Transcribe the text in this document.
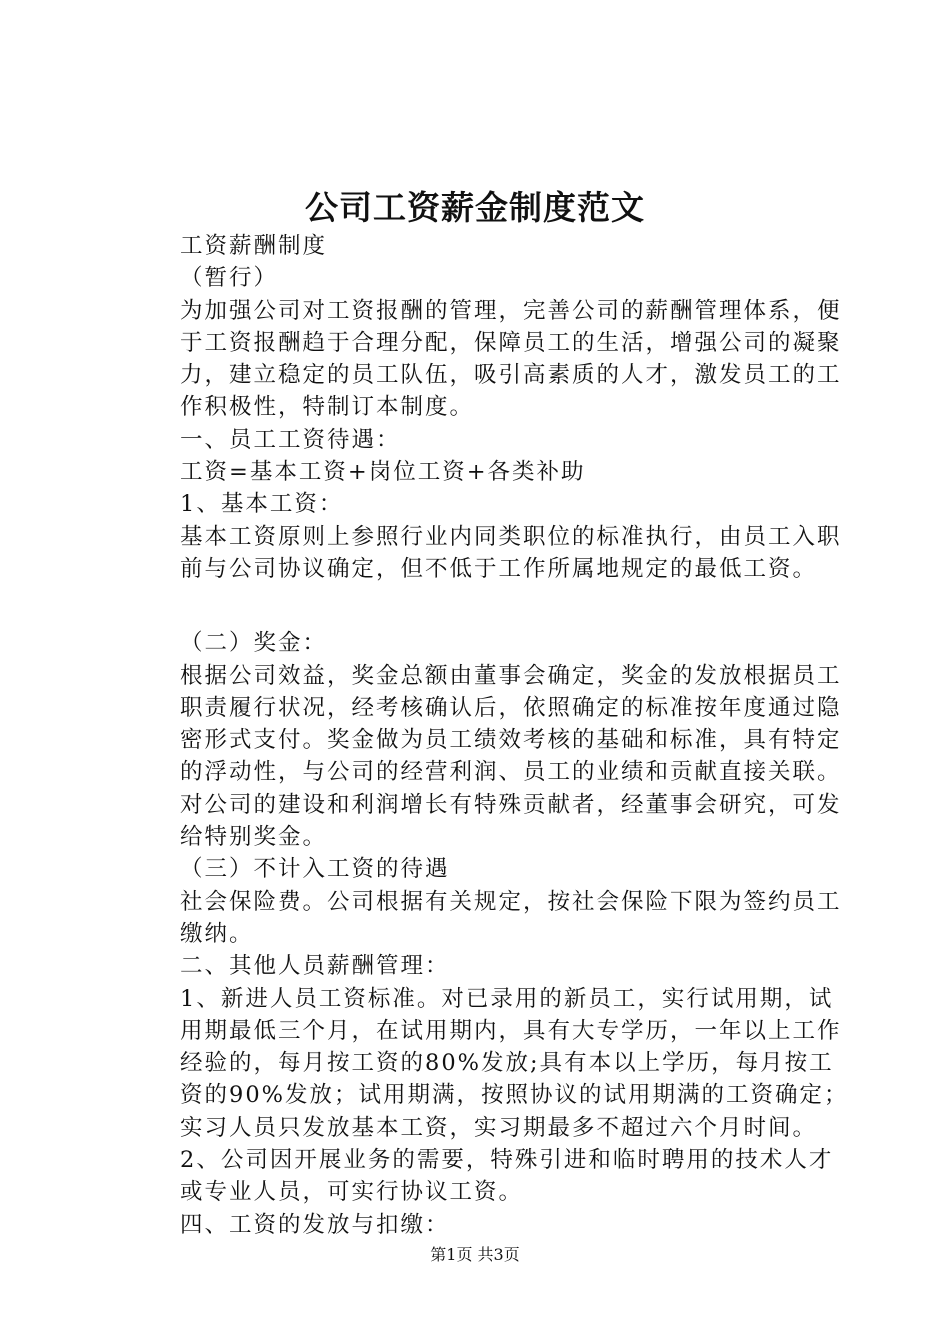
公司工资薪金制度范文

工资薪酬制度

（暂行）

为加强公司对工资报酬的管理，完善公司的薪酬管理体系，便于工资报酬趋于合理分配，保障员工的生活，增强公司的凝聚力，建立稳定的员工队伍，吸引高素质的人才，激发员工的工作积极性，特制订本制度。

一、员工工资待遇：

工资=基本工资+岗位工资+各类补助

1、基本工资：

基本工资原则上参照行业内同类职位的标准执行，由员工入职前与公司协议确定，但不低于工作所属地规定的最低工资。

（二）奖金：

根据公司效益，奖金总额由董事会确定，奖金的发放根据员工职责履行状况，经考核确认后，依照确定的标准按年度通过隐密形式支付。奖金做为员工绩效考核的基础和标准，具有特定的浮动性，与公司的经营利润、员工的业绩和贡献直接关联。对公司的建设和利润增长有特殊贡献者，经董事会研究，可发给特别奖金。

（三）不计入工资的待遇

社会保险费。公司根据有关规定，按社会保险下限为签约员工缴纳。

二、其他人员薪酬管理：

1、新进人员工资标准。对已录用的新员工，实行试用期，试用期最低三个月，在试用期内，具有大专学历，一年以上工作经验的，每月按工资的80%发放;具有本以上学历，每月按工资的90%发放；试用期满，按照协议的试用期满的工资确定；实习人员只发放基本工资，实习期最多不超过六个月时间。

2、公司因开展业务的需要，特殊引进和临时聘用的技术人才或专业人员，可实行协议工资。

四、工资的发放与扣缴：

第1页 共3页
